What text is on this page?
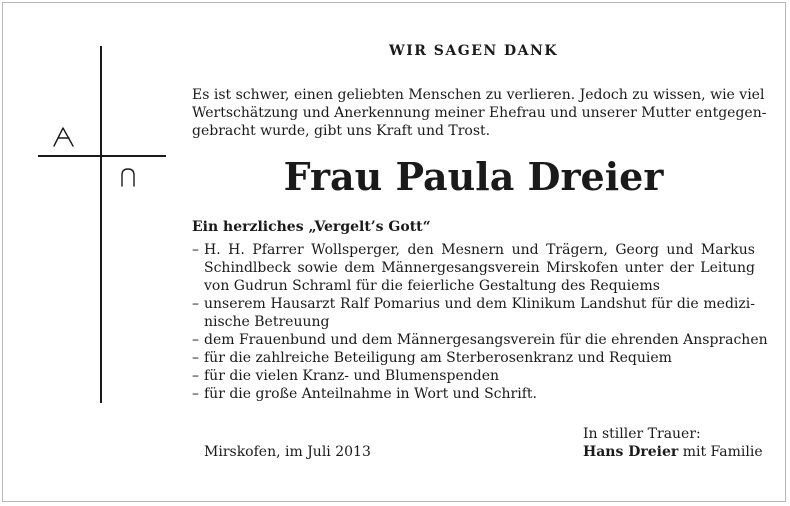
WIR SAGEN DANK
Es ist schwer, einen geliebten Menschen zu verlieren. Jedoch zu wissen, wie viel
Wertschätzung und Anerkennung meiner Ehefrau und unserer Mutter entgegen-
gebracht wurde, gibt uns Kraft und Trost.
Frau Paula Dreier
Ein herzliches „Vergelt’s Gott“
– H. H. Pfarrer Wollsperger, den Mesnern und Trägern, Georg und Markus
Schindlbeck sowie dem Männergesangsverein Mirskofen unter der Leitung
von Gudrun Schraml für die feierliche Gestaltung des Requiems
– unserem Hausarzt Ralf Pomarius und dem Klinikum Landshut für die medizi-
nische Betreuung
– dem Frauenbund und dem Männergesangsverein für die ehrenden Ansprachen
– für die zahlreiche Beteiligung am Sterberosenkranz und Requiem
– für die vielen Kranz- und Blumenspenden
– für die große Anteilnahme in Wort und Schrift.
Mirskofen, im Juli 2013
In stiller Trauer:
Hans Dreier mit Familie
